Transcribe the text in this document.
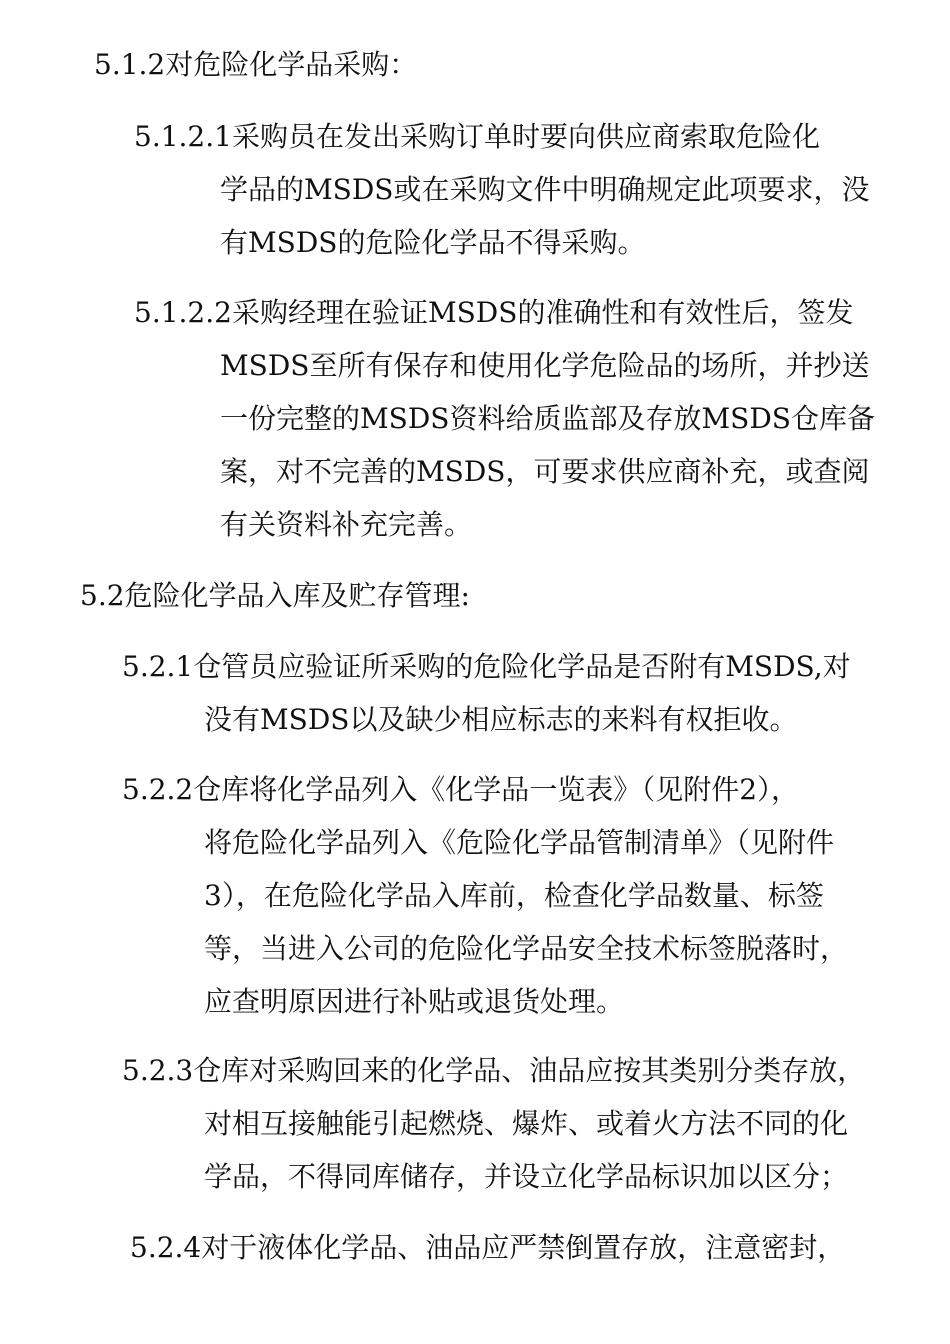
5.1.2对危险化学品采购：
5.1.2.1采购员在发出采购订单时要向供应商索取危险化
学品的MSDS或在采购文件中明确规定此项要求，没
有MSDS的危险化学品不得采购。
5.1.2.2采购经理在验证MSDS的准确性和有效性后，签发
MSDS至所有保存和使用化学危险品的场所，并抄送
一份完整的MSDS资料给质监部及存放MSDS仓库备
案，对不完善的MSDS，可要求供应商补充，或查阅
有关资料补充完善。
5.2危险化学品入库及贮存管理:
5.2.1仓管员应验证所采购的危险化学品是否附有MSDS,对
没有MSDS以及缺少相应标志的来料有权拒收。
5.2.2仓库将化学品列入《化学品一览表》（见附件2），
将危险化学品列入《危险化学品管制清单》（见附件
3），在危险化学品入库前，检查化学品数量、标签
等，当进入公司的危险化学品安全技术标签脱落时，
应查明原因进行补贴或退货处理。
5.2.3仓库对采购回来的化学品、油品应按其类别分类存放，
对相互接触能引起燃烧、爆炸、或着火方法不同的化
学品，不得同库储存，并设立化学品标识加以区分；
5.2.4对于液体化学品、油品应严禁倒置存放，注意密封，
